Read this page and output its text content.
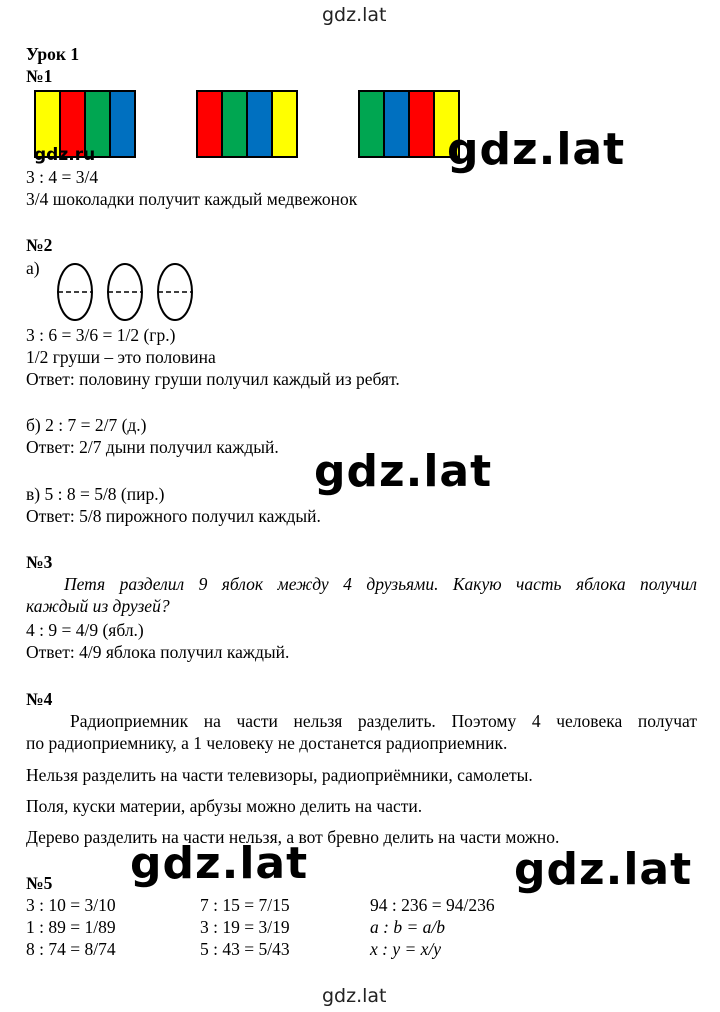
gdz.lat
Урок 1
№1
gdz.ru
3 : 4 = 3/4
3/4 шоколадки получит каждый медвежонок
№2
а)
3 : 6 = 3/6 = 1/2 (гр.)
1/2 груши – это половина
Ответ: половину груши получил каждый из ребят.
б) 2 : 7 = 2/7 (д.)
Ответ: 2/7 дыни получил каждый.
в) 5 : 8 = 5/8 (пир.)
Ответ: 5/8 пирожного получил каждый.
№3
Петя разделил 9 яблок между 4 друзьями. Какую часть яблока получил
каждый из друзей?
4 : 9 = 4/9 (ябл.)
Ответ: 4/9 яблока получил каждый.
№4
Радиоприемник на части нельзя разделить. Поэтому 4 человека получат
по радиоприемнику, а 1 человеку не достанется радиоприемник.
Нельзя разделить на части телевизоры, радиоприёмники, самолеты.
Поля, куски материи, арбузы можно делить на части.
Дерево разделить на части нельзя, а вот бревно делить на части можно.
№5
3 : 10 = 3/10
1 : 89 = 1/89
8 : 74 = 8/74
7 : 15 = 7/15
3 : 19 = 3/19
5 : 43 = 5/43
94 : 236 = 94/236
a : b = a/b
x : y = x/y
gdz.lat
gdz.lat
gdz.lat	gdz.lat
gdz.lat
